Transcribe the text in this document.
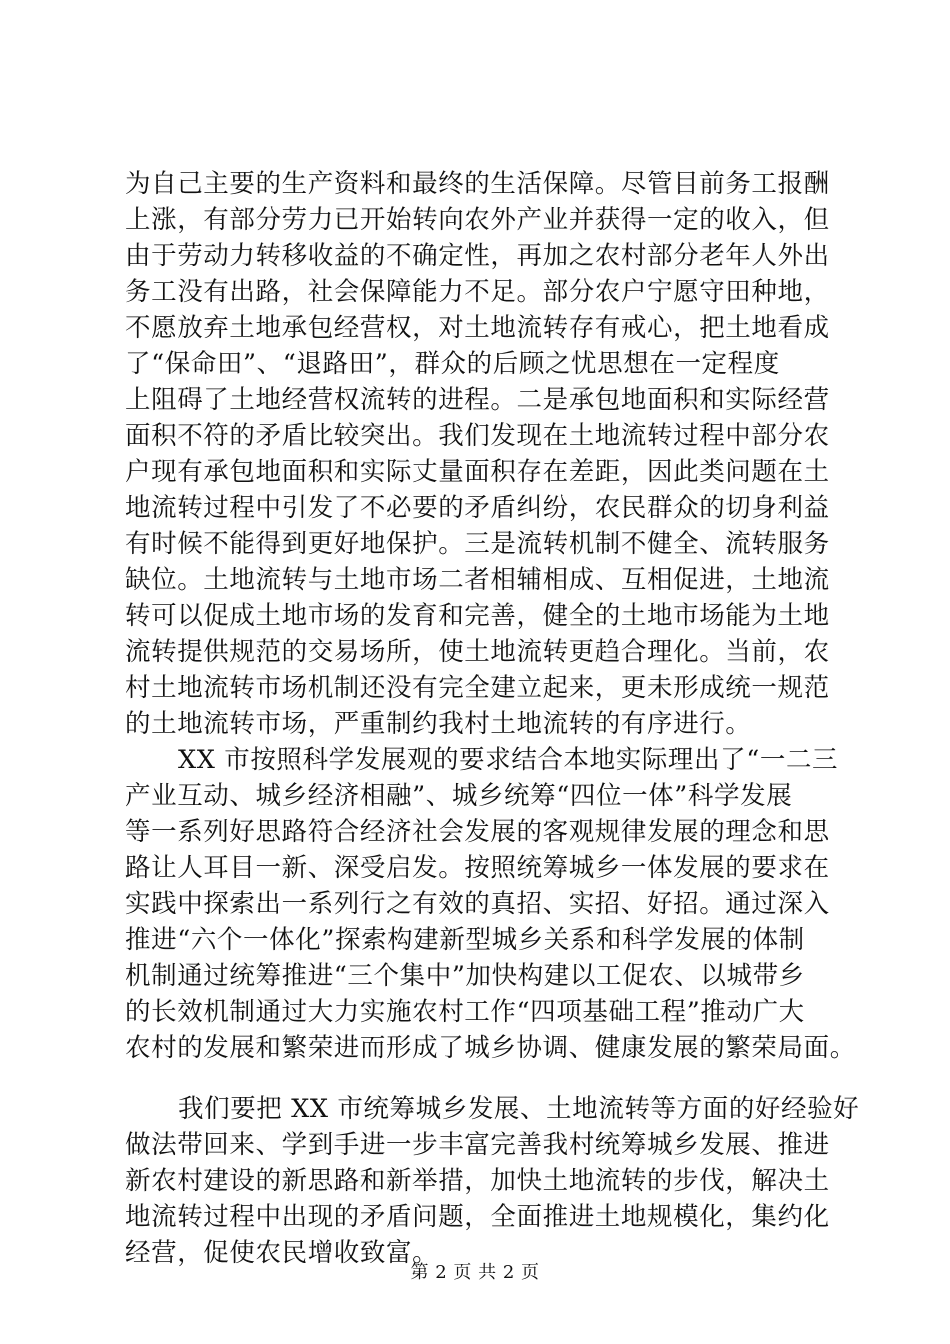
为自己主要的生产资料和最终的生活保障。尽管目前务工报酬
上涨，有部分劳力已开始转向农外产业并获得一定的收入，但
由于劳动力转移收益的不确定性，再加之农村部分老年人外出
务工没有出路，社会保障能力不足。部分农户宁愿守田种地，
不愿放弃土地承包经营权，对土地流转存有戒心，把土地看成
了“保命田”、“退路田”，群众的后顾之忧思想在一定程度
上阻碍了土地经营权流转的进程。二是承包地面积和实际经营
面积不符的矛盾比较突出。我们发现在土地流转过程中部分农
户现有承包地面积和实际丈量面积存在差距，因此类问题在土
地流转过程中引发了不必要的矛盾纠纷，农民群众的切身利益
有时候不能得到更好地保护。三是流转机制不健全、流转服务
缺位。土地流转与土地市场二者相辅相成、互相促进，土地流
转可以促成土地市场的发育和完善，健全的土地市场能为土地
流转提供规范的交易场所，使土地流转更趋合理化。当前，农
村土地流转市场机制还没有完全建立起来，更未形成统一规范
的土地流转市场，严重制约我村土地流转的有序进行。
XX 市按照科学发展观的要求结合本地实际理出了“一二三
产业互动、城乡经济相融”、城乡统筹“四位一体”科学发展
等一系列好思路符合经济社会发展的客观规律发展的理念和思
路让人耳目一新、深受启发。按照统筹城乡一体发展的要求在
实践中探索出一系列行之有效的真招、实招、好招。通过深入
推进“六个一体化”探索构建新型城乡关系和科学发展的体制
机制通过统筹推进“三个集中”加快构建以工促农、以城带乡
的长效机制通过大力实施农村工作“四项基础工程”推动广大
农村的发展和繁荣进而形成了城乡协调、健康发展的繁荣局面。
我们要把 XX 市统筹城乡发展、土地流转等方面的好经验好
做法带回来、学到手进一步丰富完善我村统筹城乡发展、推进
新农村建设的新思路和新举措，加快土地流转的步伐，解决土
地流转过程中出现的矛盾问题，全面推进土地规模化，集约化
经营，促使农民增收致富。
第 2 页 共 2 页
